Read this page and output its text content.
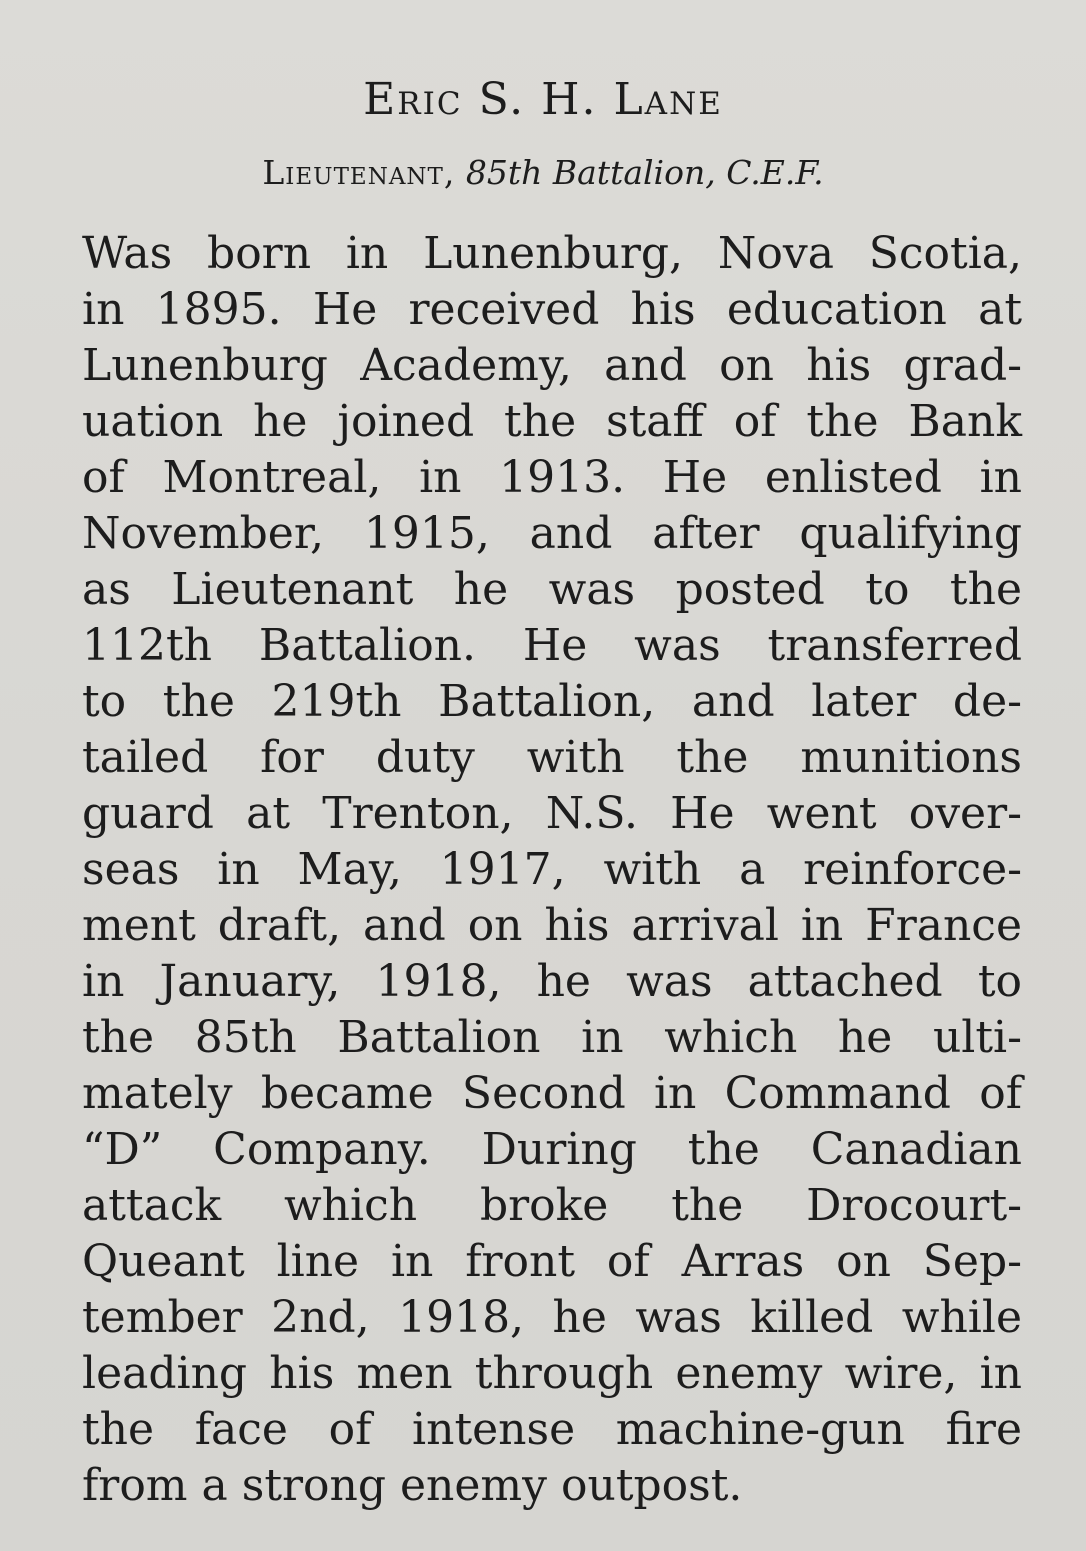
Eric S. H. Lane
Lieutenant, 85th Battalion, C.E.F.
Was born in Lunenburg, Nova Scotia,
in 1895. He received his education at
Lunenburg Academy, and on his grad-
uation he joined the staff of the Bank
of Montreal, in 1913. He enlisted in
November, 1915, and after qualifying
as Lieutenant he was posted to the
112th Battalion. He was transferred
to the 219th Battalion, and later de-
tailed for duty with the munitions
guard at Trenton, N.S. He went over-
seas in May, 1917, with a reinforce-
ment draft, and on his arrival in France
in January, 1918, he was attached to
the 85th Battalion in which he ulti-
mately became Second in Command of
“D” Company. During the Canadian
attack which broke the Drocourt-
Queant line in front of Arras on Sep-
tember 2nd, 1918, he was killed while
leading his men through enemy wire, in
the face of intense machine-gun fire
from a strong enemy outpost.
